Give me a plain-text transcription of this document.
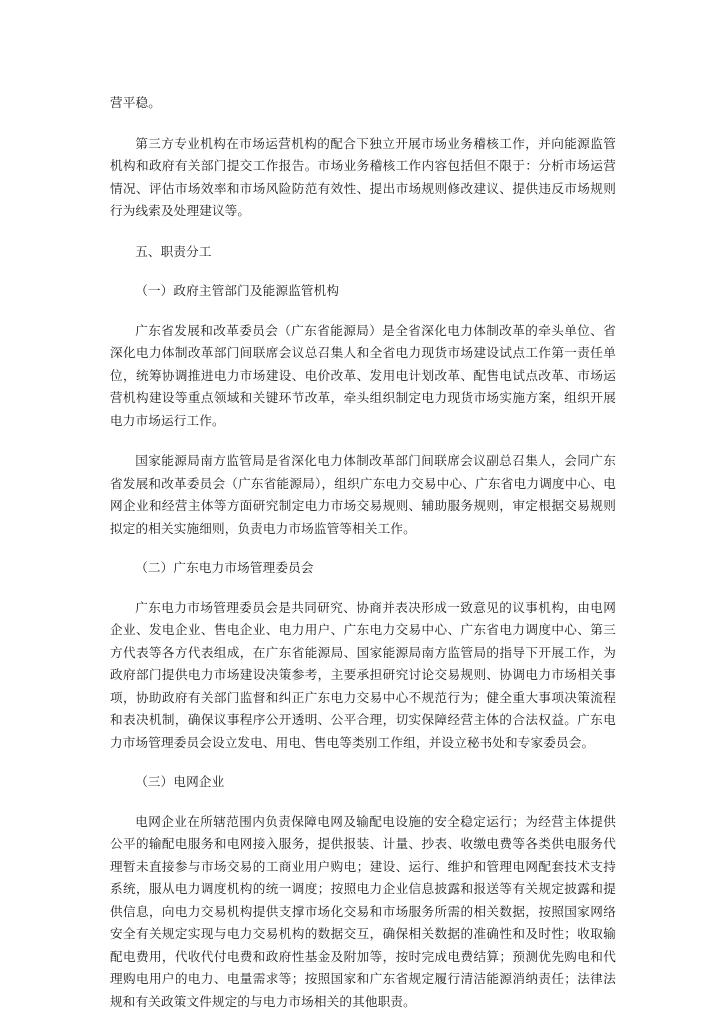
营平稳。

第三方专业机构在市场运营机构的配合下独立开展市场业务稽核工作，并向能源监管机构和政府有关部门提交工作报告。市场业务稽核工作内容包括但不限于：分析市场运营情况、评估市场效率和市场风险防范有效性、提出市场规则修改建议、提供违反市场规则行为线索及处理建议等。

五、职责分工

（一）政府主管部门及能源监管机构

广东省发展和改革委员会（广东省能源局）是全省深化电力体制改革的牵头单位、省深化电力体制改革部门间联席会议总召集人和全省电力现货市场建设试点工作第一责任单位，统筹协调推进电力市场建设、电价改革、发用电计划改革、配售电试点改革、市场运营机构建设等重点领域和关键环节改革，牵头组织制定电力现货市场实施方案，组织开展电力市场运行工作。

国家能源局南方监管局是省深化电力体制改革部门间联席会议副总召集人，会同广东省发展和改革委员会（广东省能源局），组织广东电力交易中心、广东省电力调度中心、电网企业和经营主体等方面研究制定电力市场交易规则、辅助服务规则，审定根据交易规则拟定的相关实施细则，负责电力市场监管等相关工作。

（二）广东电力市场管理委员会

广东电力市场管理委员会是共同研究、协商并表决形成一致意见的议事机构，由电网企业、发电企业、售电企业、电力用户、广东电力交易中心、广东省电力调度中心、第三方代表等各方代表组成，在广东省能源局、国家能源局南方监管局的指导下开展工作，为政府部门提供电力市场建设决策参考，主要承担研究讨论交易规则、协调电力市场相关事项，协助政府有关部门监督和纠正广东电力交易中心不规范行为；健全重大事项决策流程和表决机制，确保议事程序公开透明、公平合理，切实保障经营主体的合法权益。广东电力市场管理委员会设立发电、用电、售电等类别工作组，并设立秘书处和专家委员会。

（三）电网企业

电网企业在所辖范围内负责保障电网及输配电设施的安全稳定运行；为经营主体提供公平的输配电服务和电网接入服务，提供报装、计量、抄表、收缴电费等各类供电服务代理暂未直接参与市场交易的工商业用户购电；建设、运行、维护和管理电网配套技术支持系统，服从电力调度机构的统一调度；按照电力企业信息披露和报送等有关规定披露和提供信息，向电力交易机构提供支撑市场化交易和市场服务所需的相关数据，按照国家网络安全有关规定实现与电力交易机构的数据交互，确保相关数据的准确性和及时性；收取输配电费用，代收代付电费和政府性基金及附加等，按时完成电费结算；预测优先购电和代理购电用户的电力、电量需求等；按照国家和广东省规定履行清洁能源消纳责任；法律法规和有关政策文件规定的与电力市场相关的其他职责。
